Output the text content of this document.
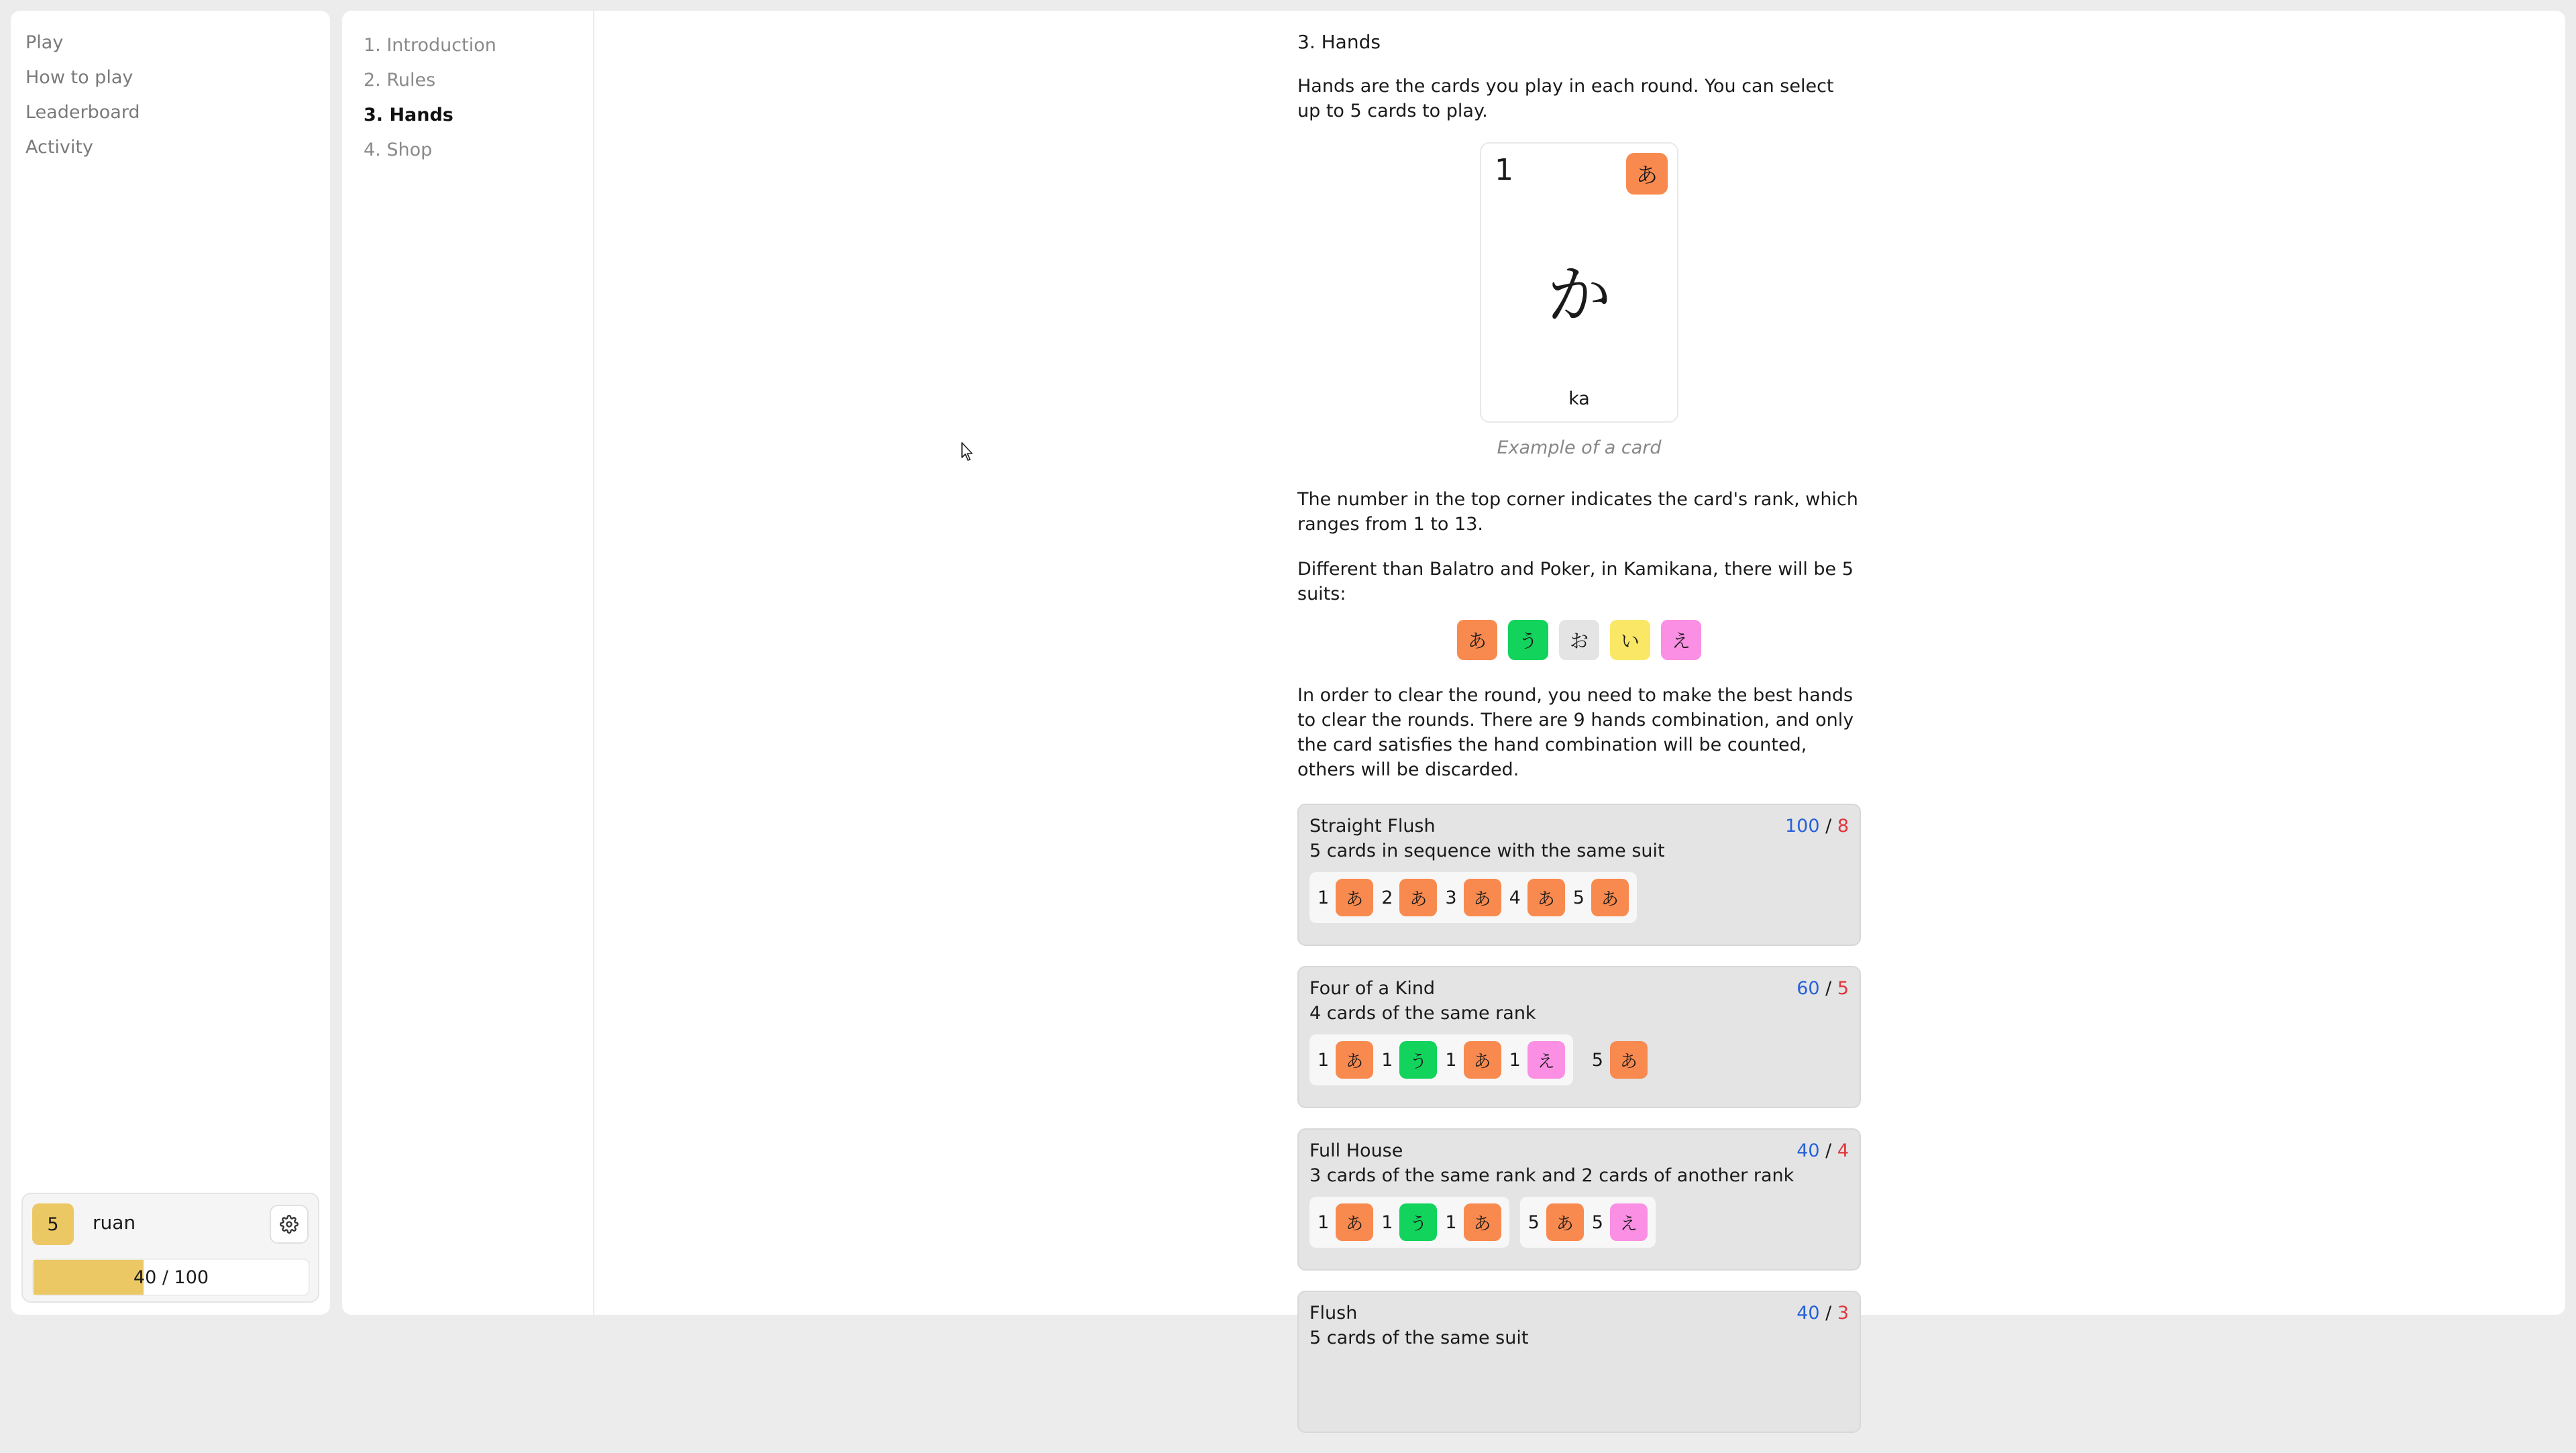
Play
How to play
Leaderboard
Activity
5	ruan
40 / 100
1. Introduction
2. Rules
3. Hands
4. Shop
3. Hands

Hands are the cards you play in each round. You can select up to 5 cards to play.

1	あ
か
ka
Example of a card

The number in the top corner indicates the card's rank, which ranges from 1 to 13.

Different than Balatro and Poker, in Kamikana, there will be 5 suits:

あ	う	お	い	え

In order to clear the round, you need to make the best hands to clear the rounds. There are 9 hands combination, and only the card satisfies the hand combination will be counted, others will be discarded.

Straight Flush
5 cards in sequence with the same suit
100 / 8
1 あ	2 あ	3 あ	4 あ	5 あ
Four of a Kind
4 cards of the same rank
60 / 5
1 あ	1 う	1 あ	1 え	5 あ
Full House
3 cards of the same rank and 2 cards of another rank
40 / 4
1 あ	1 う	1 あ	5 あ	5 え
Flush
5 cards of the same suit
40 / 3
